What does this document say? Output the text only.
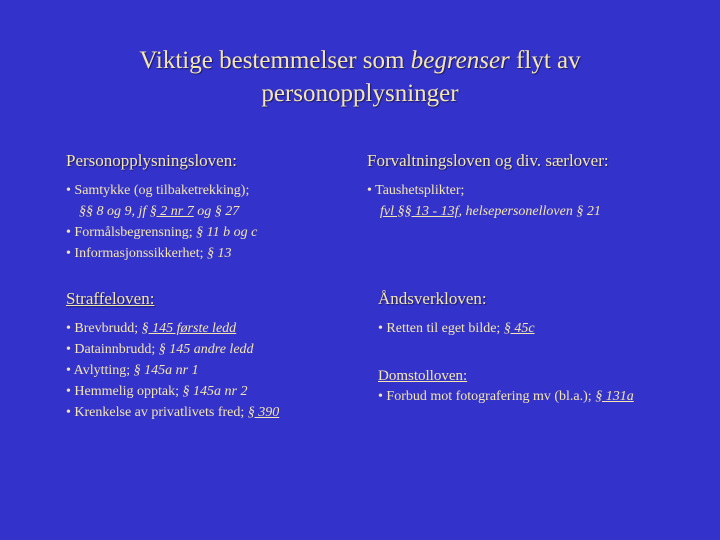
Viktige bestemmelser som begrenser flyt av
personopplysninger
Personopplysningsloven:
• Samtykke (og tilbaketrekking);
§§ 8 og 9, jf § 2 nr 7 og § 27
• Formålsbegrensning; § 11 b og c
• Informasjonssikkerhet; § 13
Forvaltningsloven og div. særlover:
• Taushetsplikter;
fvl §§ 13 - 13f, helsepersonelloven § 21
Straffeloven:
• Brevbrudd; § 145 første ledd
• Datainnbrudd; § 145 andre ledd
• Avlytting; § 145a nr 1
• Hemmelig opptak; § 145a nr 2
• Krenkelse av privatlivets fred; § 390
Åndsverkloven:
• Retten til eget bilde; § 45c
Domstolloven:
• Forbud mot fotografering mv (bl.a.); § 131a
